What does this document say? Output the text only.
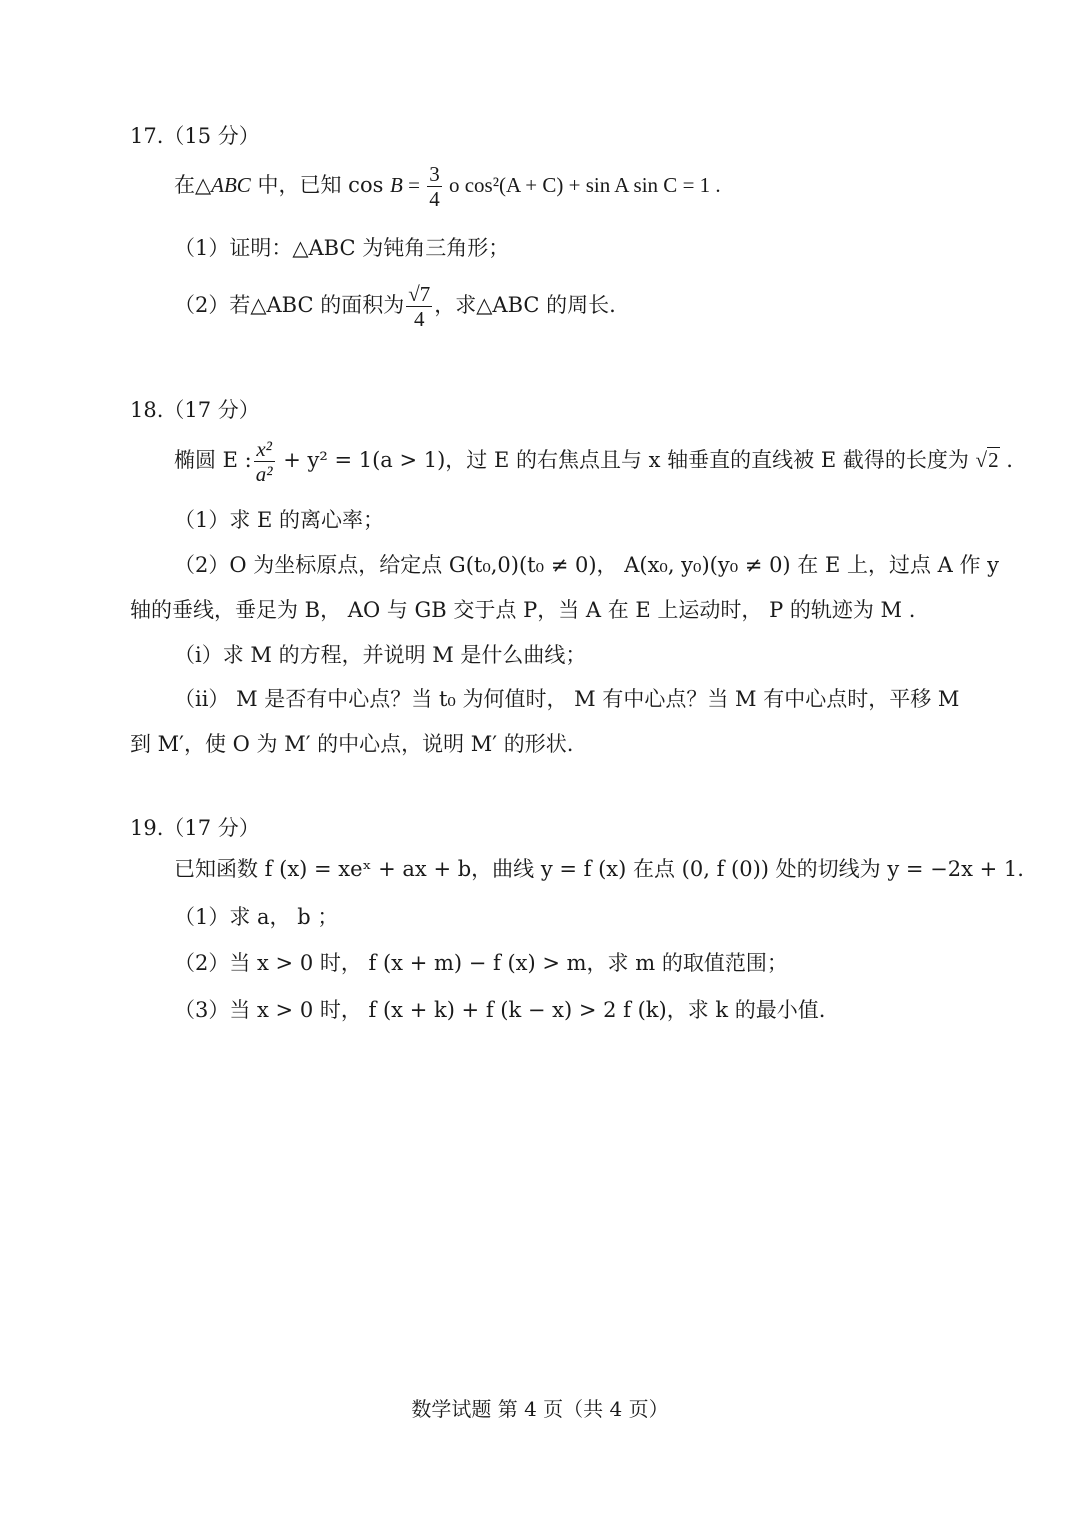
17.（15 分）
在△ABC 中，已知 $\cos B = \frac{3}{4}$ o cos²(A + C) + sin A sin C = 1 .
（1）证明：△ABC 为钝角三角形；
（2）若△ABC 的面积为 $\frac{√7}{4}$ ，求△ABC 的周长.
18.（17 分）
椭圆 E : $\frac{\text{x²}}{\text{a²}} + y^2 = 1(a > 1)$，过 E 的右焦点且与 x 轴垂直的直线被 E 截得的长度为 √2 .
（1）求 E 的离心率；
（2）O 为坐标原点，给定点 G(t₀,0)(t₀ ≠ 0)， A(x₀, y₀)(y₀ ≠ 0) 在 E 上，过点 A 作 y
轴的垂线，垂足为 B， AO 与 GB 交于点 P，当 A 在 E 上运动时， P 的轨迹为 M .
（i）求 M 的方程，并说明 M 是什么曲线；
（ii） M 是否有中心点？当 t₀ 为何值时， M 有中心点？当 M 有中心点时，平移 M
到 M′，使 O 为 M′ 的中心点，说明 M′ 的形状.
19.（17 分）
已知函数 f (x) = xeˣ + ax + b，曲线 y = f (x) 在点 (0, f (0)) 处的切线为 y = −2x + 1.
（1）求 a， b ；
（2）当 x > 0 时， f (x + m) − f (x) > m，求 m 的取值范围；
（3）当 x > 0 时， f (x + k) + f (k − x) > 2 f (k)，求 k 的最小值.
数学试题 第 4 页（共 4 页）
